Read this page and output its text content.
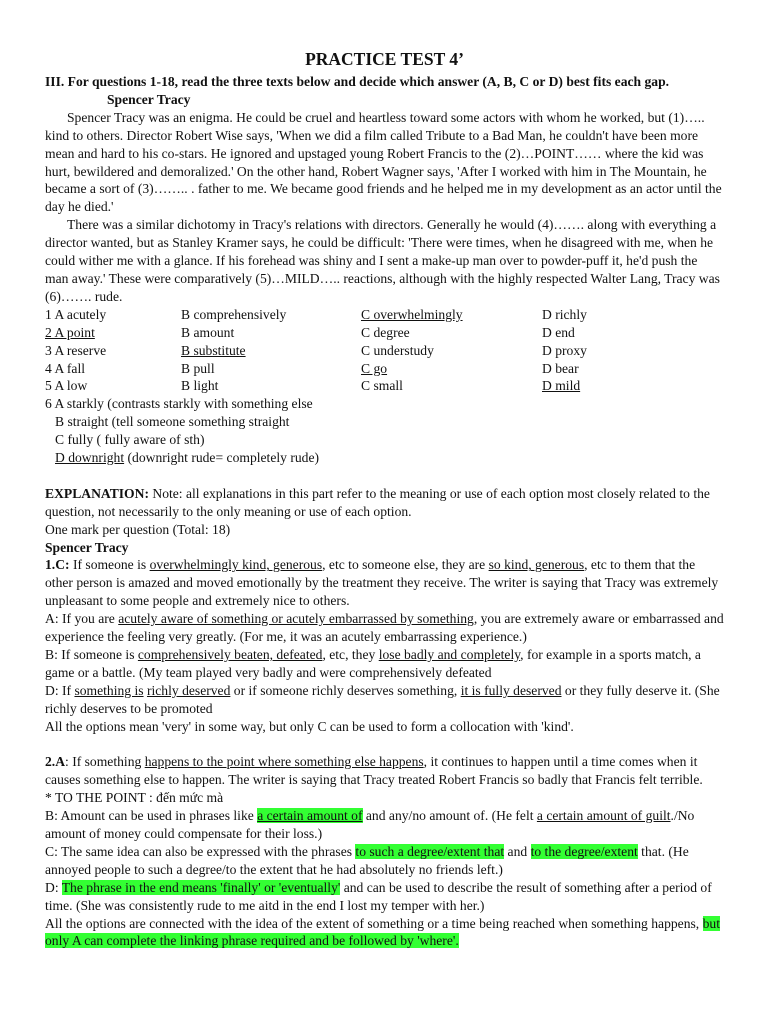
PRACTICE TEST 4’

III. For questions 1-18, read the three texts below and decide which answer (A, B, C or D) best fits each gap.

Spencer Tracy

Spencer Tracy was an enigma. He could be cruel and heartless toward some actors with whom he worked, but (1)….. kind to others. Director Robert Wise says, 'When we did a film called Tribute to a Bad Man, he couldn't have been more mean and hard to his co-stars. He ignored and upstaged young Robert Francis to the (2)…POINT…… where the kid was hurt, bewildered and demoralized.' On the other hand, Robert Wagner says, 'After I worked with him in The Mountain, he became a sort of (3)…….. . father to me. We became good friends and he helped me in my development as an actor until the day he died.'

There was a similar dichotomy in Tracy's relations with directors. Generally he would (4)……. along with everything a director wanted, but as Stanley Kramer says, he could be difficult: 'There were times, when he disagreed with me, when he could wither me with a glance. If his forehead was shiny and I sent a make-up man over to powder-puff it, he'd push the man away.' These were comparatively (5)…MILD….. reactions, although with the highly respected Walter Lang, Tracy was (6)……. rude.

1 A acutely	B comprehensively	C overwhelmingly	D richly
2 A point	B amount	C degree	D end
3 A reserve	B substitute	C understudy	D proxy
4 A fall	B pull	C go	D bear
5 A low	B light	C small	D mild
6 A starkly (contrasts starkly with something else
B straight (tell someone something straight
C fully ( fully aware of sth)
D downright (downright rude= completely rude)

EXPLANATION: Note: all explanations in this part refer to the meaning or use of each option most closely related to the question, not necessarily to the only meaning or use of each option.

One mark per question (Total: 18)

Spencer Tracy

1.C: If someone is overwhelmingly kind, generous, etc to someone else, they are so kind, generous, etc to them that the other person is amazed and moved emotionally by the treatment they receive. The writer is saying that Tracy was extremely unpleasant to some people and extremely nice to others.

A: If you are acutely aware of something or acutely embarrassed by something, you are extremely aware or embarrassed and experience the feeling very greatly. (For me, it was an acutely embarrassing experience.)

B: If someone is comprehensively beaten, defeated, etc, they lose badly and completely, for example in a sports match, a game or a battle. (My team played very badly and were comprehensively defeated

D: If something is richly deserved or if someone richly deserves something, it is fully deserved or they fully deserve it. (She richly deserves to be promoted

All the options mean 'very' in some way, but only C can be used to form a collocation with 'kind'.

2.A: If something happens to the point where something else happens, it continues to happen until a time comes when it causes something else to happen. The writer is saying that Tracy treated Robert Francis so badly that Francis felt terrible.

* TO THE POINT : đến mức mà

B: Amount can be used in phrases like a certain amount of and any/no amount of. (He felt a certain amount of guilt./No amount of money could compensate for their loss.)

C: The same idea can also be expressed with the phrases to such a degree/extent that and to the degree/extent that. (He annoyed people to such a degree/to the extent that he had absolutely no friends left.)

D: The phrase in the end means 'finally' or 'eventually' and can be used to describe the result of something after a period of time. (She was consistently rude to me aitd in the end I lost my temper with her.)

All the options are connected with the idea of the extent of something or a time being reached when something happens, but only A can complete the linking phrase required and be followed by 'where'.
